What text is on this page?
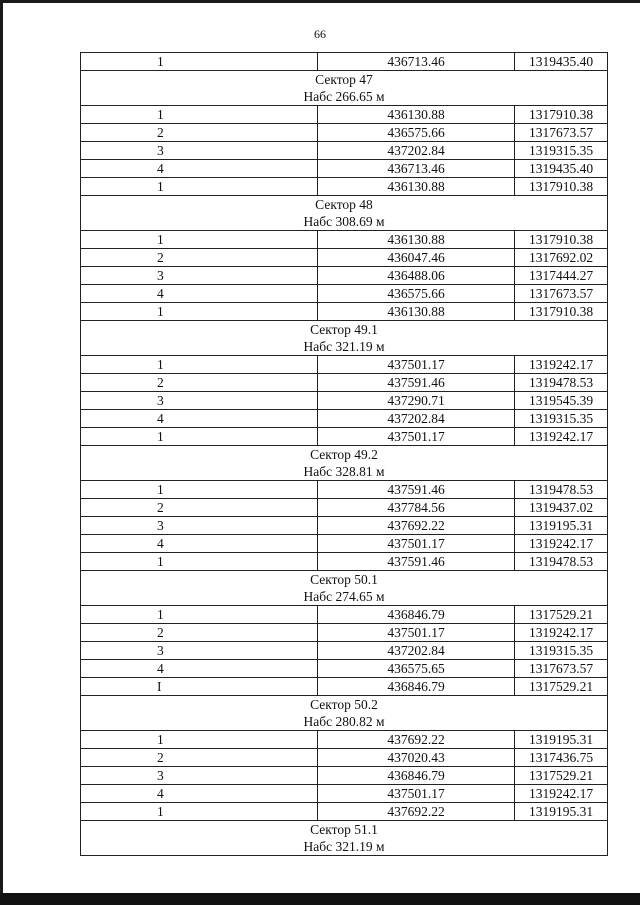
66
1	436713.46	1319435.40
Сектор 47		
Набс 266.65 м		
1	436130.88	1317910.38
2	436575.66	1317673.57
3	437202.84	1319315.35
4	436713.46	1319435.40
1	436130.88	1317910.38
Сектор 48		
Набс 308.69 м		
1	436130.88	1317910.38
2	436047.46	1317692.02
3	436488.06	1317444.27
4	436575.66	1317673.57
1	436130.88	1317910.38
Сектор 49.1		
Набс 321.19 м		
1	437501.17	1319242.17
2	437591.46	1319478.53
3	437290.71	1319545.39
4	437202.84	1319315.35
1	437501.17	1319242.17
Сектор 49.2		
Набс 328.81 м		
1	437591.46	1319478.53
2	437784.56	1319437.02
3	437692.22	1319195.31
4	437501.17	1319242.17
1	437591.46	1319478.53
Сектор 50.1		
Набс 274.65 м		
1	436846.79	1317529.21
2	437501.17	1319242.17
3	437202.84	1319315.35
4	436575.65	1317673.57
I	436846.79	1317529.21
Сектор 50.2		
Набс 280.82 м		
1	437692.22	1319195.31
2	437020.43	1317436.75
3	436846.79	1317529.21
4	437501.17	1319242.17
1	437692.22	1319195.31
Сектор 51.1		
Набс 321.19 м		
